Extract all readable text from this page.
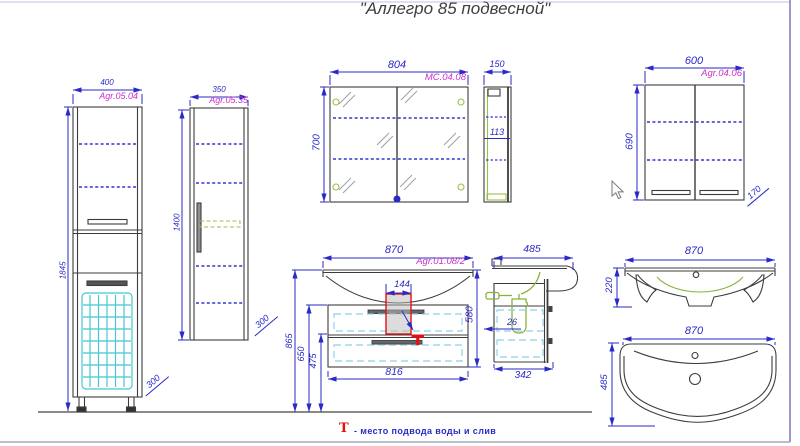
"Аллегро 85 подвесной"
400
Agr.05.04
1845
300
350
Agr.05.35
1400
300
804
MC.04.08
700
150
113
600
Agr.04.06
690
170
870
Agr.01.08/2
144
580
816
865
650 475
485
26
342
870
220
870
485
Т - место подвода воды и слив
